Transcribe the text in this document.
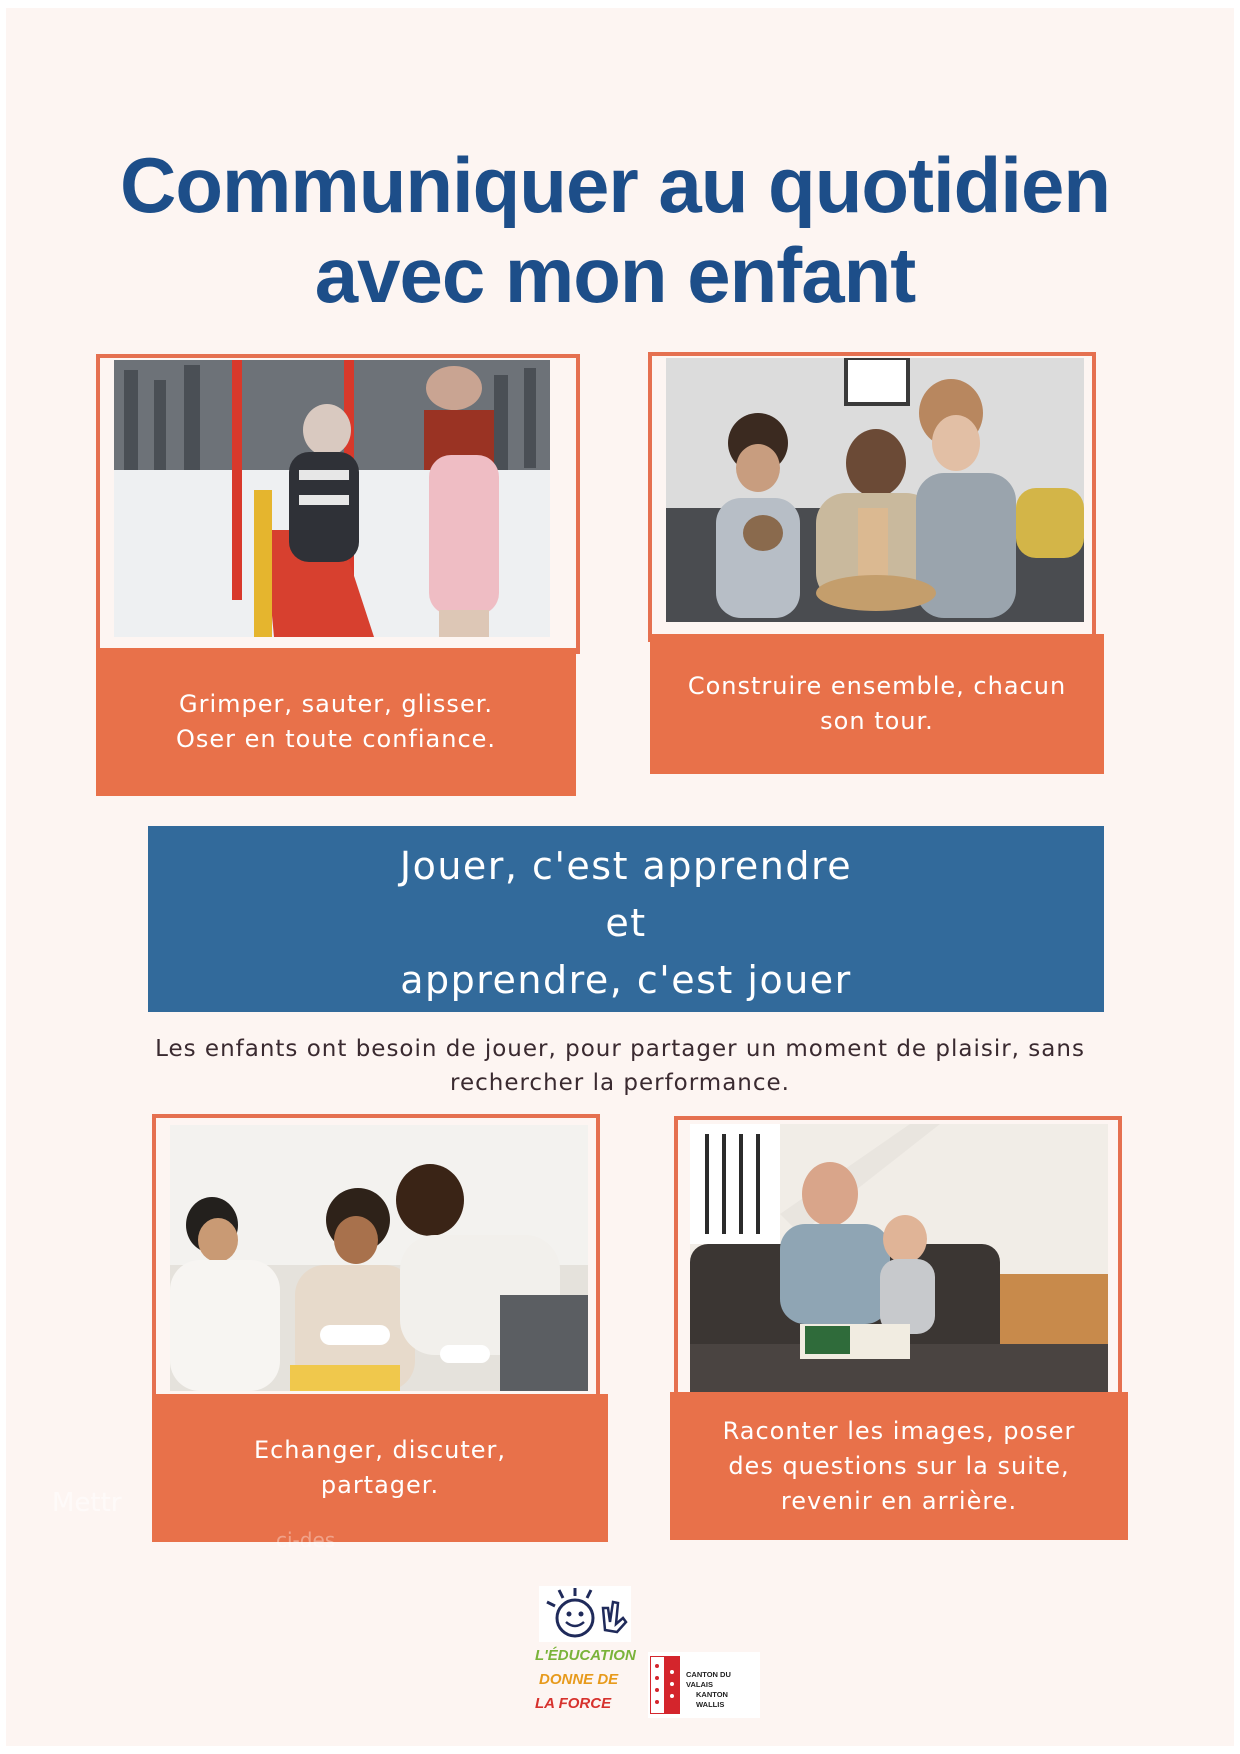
Communiquer au quotidien
avec mon enfant
Grimper, sauter, glisser.
Oser en toute confiance.
Construire ensemble, chacun
son tour.
Jouer, c'est apprendre
et
apprendre, c'est jouer

Les enfants ont besoin de jouer, pour partager un moment de plaisir, sans rechercher la performance.

Echanger, discuter,
partager.
Raconter les images, poser
des questions sur la suite,
revenir en arrière.
Mettr
ci-des
L'ÉDUCATION
DONNE DE
LA FORCE
CANTON DU VALAIS
KANTON WALLIS
